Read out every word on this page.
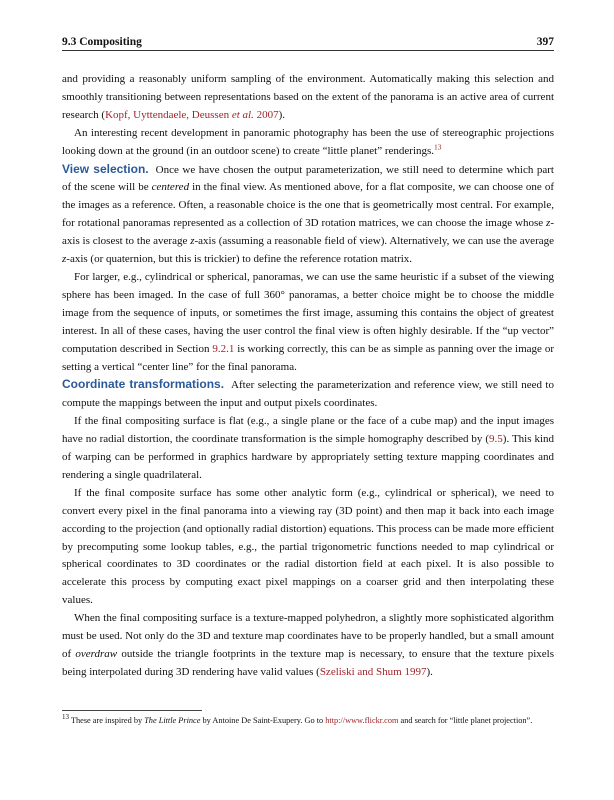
9.3 Compositing	397

and providing a reasonably uniform sampling of the environment. Automatically making this selection and smoothly transitioning between representations based on the extent of the panorama is an active area of current research (Kopf, Uyttendaele, Deussen et al. 2007).

An interesting recent development in panoramic photography has been the use of stereographic projections looking down at the ground (in an outdoor scene) to create “little planet” renderings.$^{13}$

View selection. Once we have chosen the output parameterization, we still need to determine which part of the scene will be centered in the final view. As mentioned above, for a flat composite, we can choose one of the images as a reference. Often, a reasonable choice is the one that is geometrically most central. For example, for rotational panoramas represented as a collection of 3D rotation matrices, we can choose the image whose z-axis is closest to the average z-axis (assuming a reasonable field of view). Alternatively, we can use the average z-axis (or quaternion, but this is trickier) to define the reference rotation matrix.

For larger, e.g., cylindrical or spherical, panoramas, we can use the same heuristic if a subset of the viewing sphere has been imaged. In the case of full 360° panoramas, a better choice might be to choose the middle image from the sequence of inputs, or sometimes the first image, assuming this contains the object of greatest interest. In all of these cases, having the user control the final view is often highly desirable. If the “up vector” computation described in Section 9.2.1 is working correctly, this can be as simple as panning over the image or setting a vertical “center line” for the final panorama.

Coordinate transformations. After selecting the parameterization and reference view, we still need to compute the mappings between the input and output pixels coordinates.

If the final compositing surface is flat (e.g., a single plane or the face of a cube map) and the input images have no radial distortion, the coordinate transformation is the simple homography described by (9.5). This kind of warping can be performed in graphics hardware by appropriately setting texture mapping coordinates and rendering a single quadrilateral.

If the final composite surface has some other analytic form (e.g., cylindrical or spherical), we need to convert every pixel in the final panorama into a viewing ray (3D point) and then map it back into each image according to the projection (and optionally radial distortion) equations. This process can be made more efficient by precomputing some lookup tables, e.g., the partial trigonometric functions needed to map cylindrical or spherical coordinates to 3D coordinates or the radial distortion field at each pixel. It is also possible to accelerate this process by computing exact pixel mappings on a coarser grid and then interpolating these values.

When the final compositing surface is a texture-mapped polyhedron, a slightly more sophisticated algorithm must be used. Not only do the 3D and texture map coordinates have to be properly handled, but a small amount of overdraw outside the triangle footprints in the texture map is necessary, to ensure that the texture pixels being interpolated during 3D rendering have valid values (Szeliski and Shum 1997).

$^{13}$ These are inspired by The Little Prince by Antoine De Saint-Exupery. Go to http://www.flickr.com and search for “little planet projection”.
